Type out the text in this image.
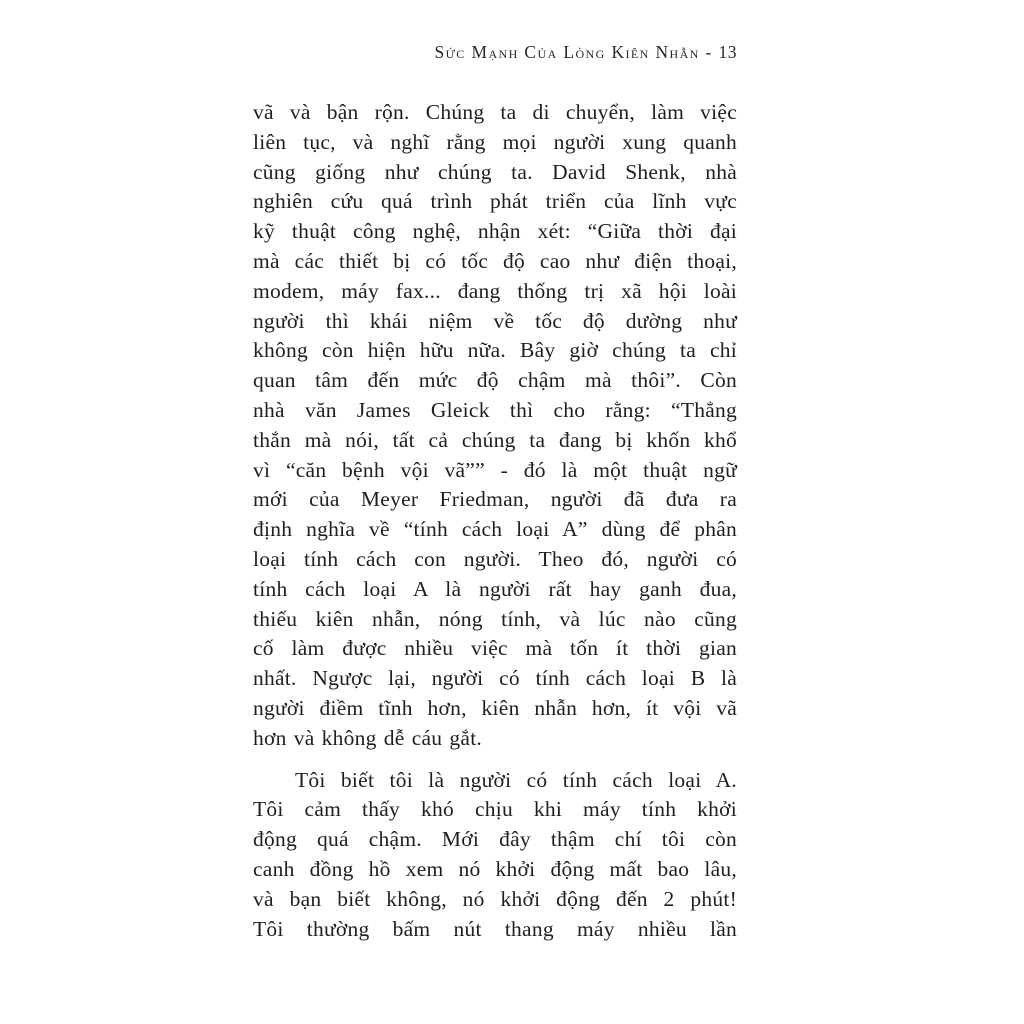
Sức Mạnh Của Lòng Kiên Nhẫn - 13
vã và bận rộn. Chúng ta di chuyển, làm việc
liên tục, và nghĩ rằng mọi người xung quanh
cũng giống như chúng ta. David Shenk, nhà
nghiên cứu quá trình phát triển của lĩnh vực
kỹ thuật công nghệ, nhận xét: “Giữa thời đại
mà các thiết bị có tốc độ cao như điện thoại,
modem, máy fax... đang thống trị xã hội loài
người thì khái niệm về tốc độ dường như
không còn hiện hữu nữa. Bây giờ chúng ta chỉ
quan tâm đến mức độ chậm mà thôi”. Còn
nhà văn James Gleick thì cho rằng: “Thẳng
thắn mà nói, tất cả chúng ta đang bị khốn khổ
vì “căn bệnh vội vã”” - đó là một thuật ngữ
mới của Meyer Friedman, người đã đưa ra
định nghĩa về “tính cách loại A” dùng để phân
loại tính cách con người. Theo đó, người có
tính cách loại A là người rất hay ganh đua,
thiếu kiên nhẫn, nóng tính, và lúc nào cũng
cố làm được nhiều việc mà tốn ít thời gian
nhất. Ngược lại, người có tính cách loại B là
người điềm tĩnh hơn, kiên nhẫn hơn, ít vội vã
hơn và không dễ cáu gắt.
Tôi biết tôi là người có tính cách loại A.
Tôi cảm thấy khó chịu khi máy tính khởi
động quá chậm. Mới đây thậm chí tôi còn
canh đồng hồ xem nó khởi động mất bao lâu,
và bạn biết không, nó khởi động đến 2 phút!
Tôi thường bấm nút thang máy nhiều lần
